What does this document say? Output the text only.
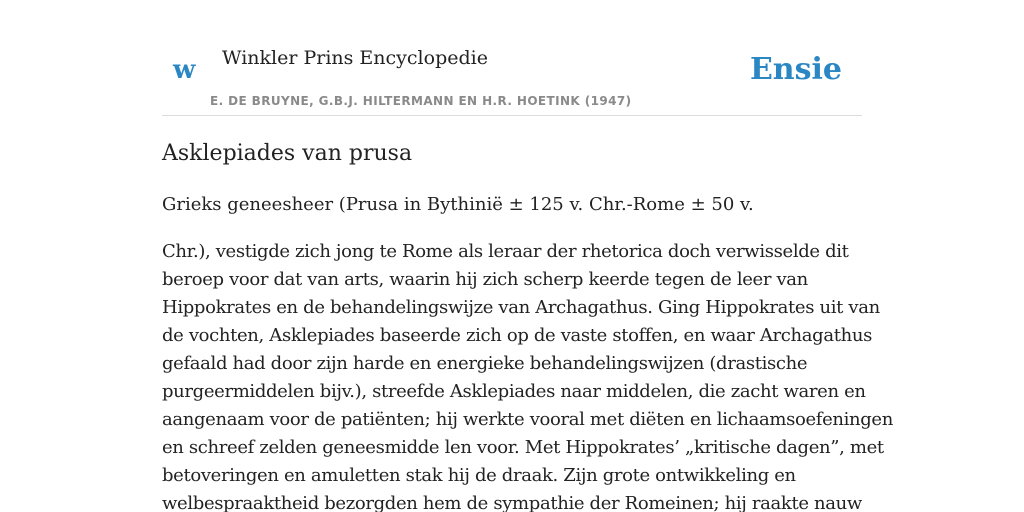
w Winkler Prins Encyclopedie	Ensie
E. DE BRUYNE, G.B.J. HILTERMANN EN H.R. HOETINK (1947)
Asklepiades van prusa

Grieks geneesheer (Prusa in Bythinië ± 125 v. Chr.-Rome ± 50 v.

Chr.), vestigde zich jong te Rome als leraar der rhetorica doch verwisselde dit
beroep voor dat van arts, waarin hij zich scherp keerde tegen de leer van
Hippokrates en de behandelingswijze van Archagathus. Ging Hippokrates uit van
de vochten, Asklepiades baseerde zich op de vaste stoffen, en waar Archagathus
gefaald had door zijn harde en energieke behandelingswijzen (drastische
purgeermiddelen bijv.), streefde Asklepiades naar middelen, die zacht waren en
aangenaam voor de patiënten; hij werkte vooral met diëten en lichaamsoefeningen
en schreef zelden geneesmidde len voor. Met Hippokrates’ „kritische dagen”, met
betoveringen en amuletten stak hij de draak. Zijn grote ontwikkeling en
welbespraaktheid bezorgden hem de sympathie der Romeinen; hij raakte nauw
